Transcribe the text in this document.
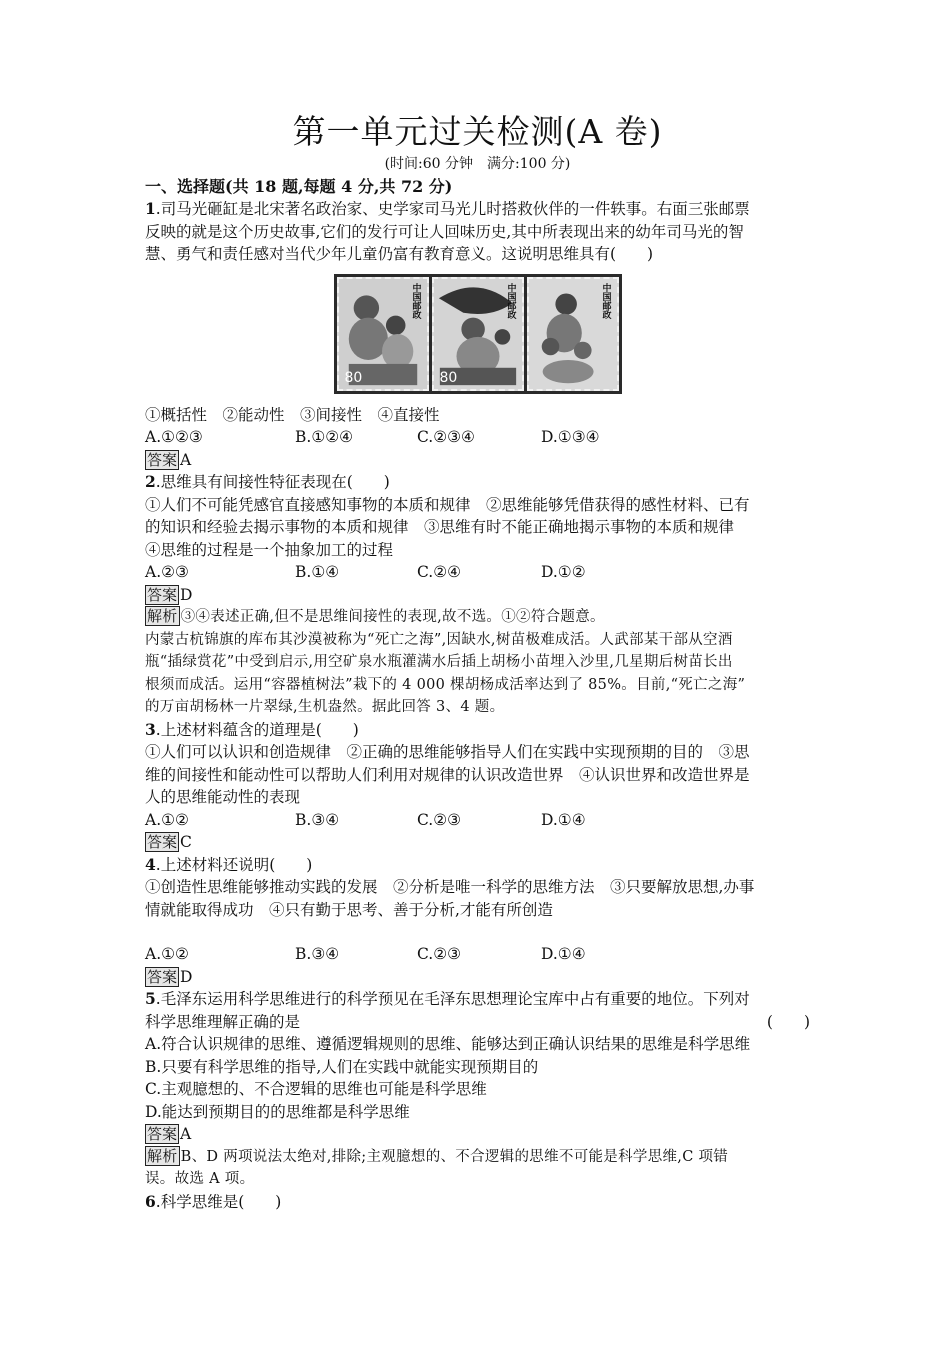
第一单元过关检测(A 卷)
(时间:60 分钟　满分:100 分)
一、选择题(共 18 题,每题 4 分,共 72 分)
1.司马光砸缸是北宋著名政治家、史学家司马光儿时搭救伙伴的一件轶事。右面三张邮票
反映的就是这个历史故事,它们的发行可让人回味历史,其中所表现出来的幼年司马光的智
慧、勇气和责任感对当代少年儿童仍富有教育意义。这说明思维具有(　　)
中国邮政
80
中国邮政
80
中国邮政
①概括性　②能动性　③间接性　④直接性
A.①②③	B.①②④	C.②③④	D.①③④
答案 A
2.思维具有间接性特征表现在(　　)
①人们不可能凭感官直接感知事物的本质和规律　②思维能够凭借获得的感性材料、已有
的知识和经验去揭示事物的本质和规律　③思维有时不能正确地揭示事物的本质和规律
④思维的过程是一个抽象加工的过程
A.②③	B.①④	C.②④	D.①②
答案 D
解析 ③④表述正确,但不是思维间接性的表现,故不选。①②符合题意。
内蒙古杭锦旗的库布其沙漠被称为“死亡之海”,因缺水,树苗极难成活。人武部某干部从空酒
瓶“插绿赏花”中受到启示,用空矿泉水瓶灌满水后插上胡杨小苗埋入沙里,几星期后树苗长出
根须而成活。运用“容器植树法”栽下的 4 000 棵胡杨成活率达到了 85%。目前,“死亡之海”
的万亩胡杨林一片翠绿,生机盎然。据此回答 3、4 题。
3.上述材料蕴含的道理是(　　)
①人们可以认识和创造规律　②正确的思维能够指导人们在实践中实现预期的目的　③思
维的间接性和能动性可以帮助人们利用对规律的认识改造世界　④认识世界和改造世界是
人的思维能动性的表现
A.①②	B.③④	C.②③	D.①④
答案 C
4.上述材料还说明(　　)
①创造性思维能够推动实践的发展　②分析是唯一科学的思维方法　③只要解放思想,办事
情就能取得成功　④只有勤于思考、善于分析,才能有所创造
A.①②	B.③④	C.②③	D.①④
答案 D
5.毛泽东运用科学思维进行的科学预见在毛泽东思想理论宝库中占有重要的地位。下列对
科学思维理解正确的是	(　　)
A.符合认识规律的思维、遵循逻辑规则的思维、能够达到正确认识结果的思维是科学思维
B.只要有科学思维的指导,人们在实践中就能实现预期目的
C.主观臆想的、不合逻辑的思维也可能是科学思维
D.能达到预期目的的思维都是科学思维
答案 A
解析 B、D 两项说法太绝对,排除;主观臆想的、不合逻辑的思维不可能是科学思维,C 项错
误。故选 A 项。
6.科学思维是(　　)
